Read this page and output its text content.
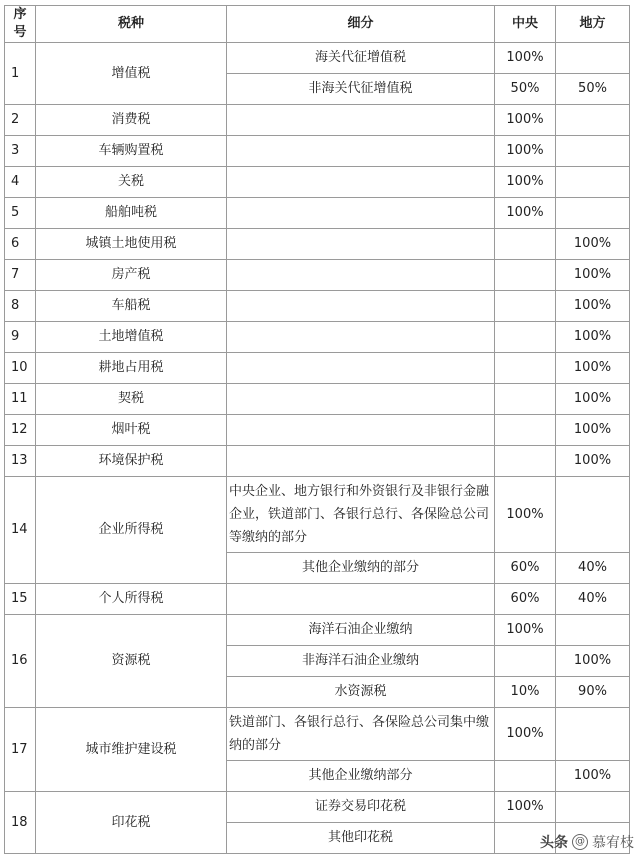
序号	税种	细分	中央	地方
1	增值税	海关代征增值税	100%	
		非海关代征增值税	50%	50%
2	消费税		100%	
3	车辆购置税		100%	
4	关税		100%	
5	船舶吨税		100%	
6	城镇土地使用税			100%
7	房产税			100%
8	车船税			100%
9	土地增值税			100%
10	耕地占用税			100%
11	契税			100%
12	烟叶税			100%
13	环境保护税			100%
14	企业所得税	中央企业、地方银行和外资银行及非银行金融企业，铁道部门、各银行总行、各保险总公司等缴纳的部分	100%	
		其他企业缴纳的部分	60%	40%
15	个人所得税		60%	40%
16	资源税	海洋石油企业缴纳	100%	
		非海洋石油企业缴纳		100%
		水资源税	10%	90%
17	城市维护建设税	铁道部门、各银行总行、各保险总公司集中缴纳的部分	100%	
		其他企业缴纳部分		100%
18	印花税	证券交易印花税	100%	
		其他印花税			头条 @ 慕宥枝
